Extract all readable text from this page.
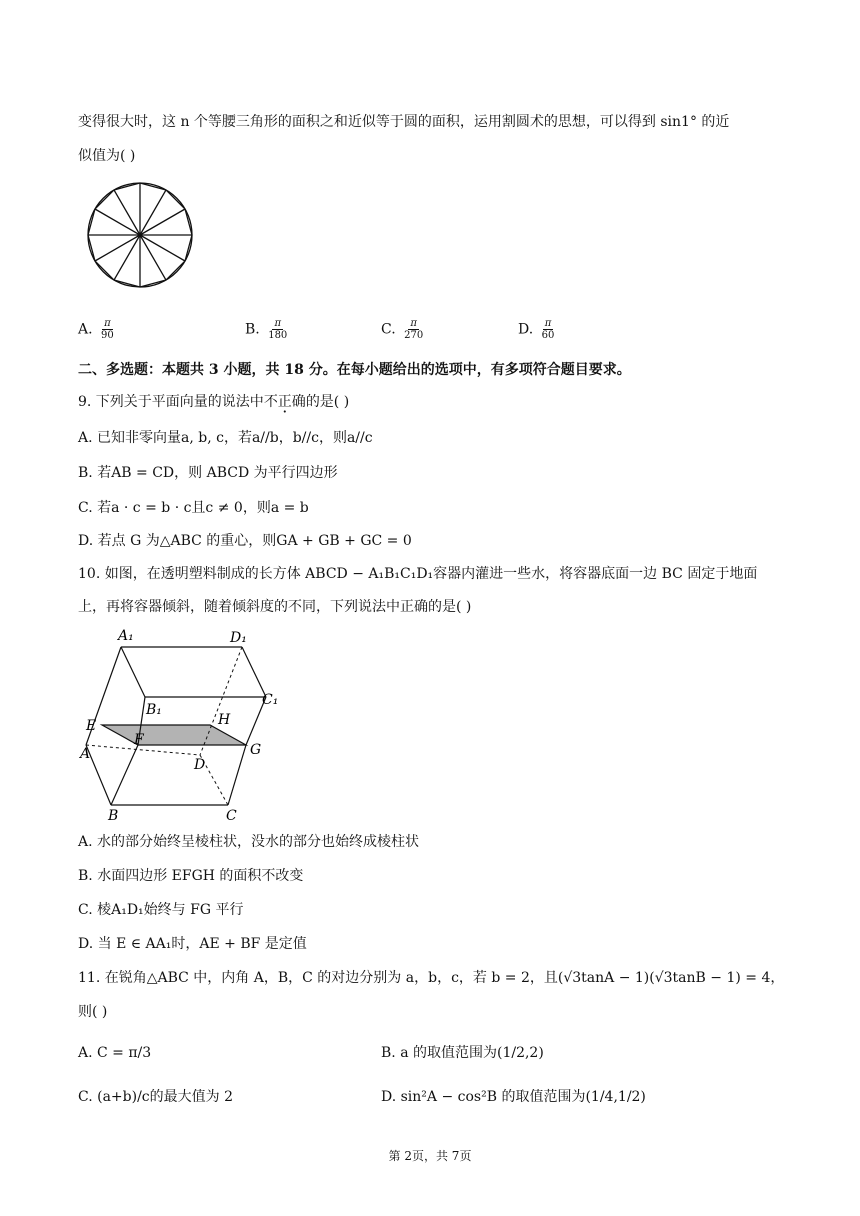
变得很大时，这 n 个等腰三角形的面积之和近似等于圆的面积，运用割圆术的思想，可以得到 sin1° 的近
似值为( )
A. $\frac{\pi}{90}$	B. $\frac{\pi}{180}$	C. $\frac{\pi}{270}$	D. $\frac{\pi}{60}$
二、多选题：本题共 3 小题，共 18 分。在每小题给出的选项中，有多项符合题目要求。
9. 下列关于平面向量的说法中不正确的是( )
A. 已知非零向量a, b, c，若a//b，b//c，则a//c
B. 若AB = CD，则 ABCD 为平行四边形
C. 若a · c = b · c且c ≠ 0，则a = b
D. 若点 G 为△ABC 的重心，则GA + GB + GC = 0
10. 如图，在透明塑料制成的长方体 ABCD − A₁B₁C₁D₁容器内灌进一些水，将容器底面一边 BC 固定于地面
上，再将容器倾斜，随着倾斜度的不同，下列说法中正确的是( )
A₁	D₁
C₁
B₁
E	H
F
G
A
D
B	C
A. 水的部分始终呈棱柱状，没水的部分也始终成棱柱状
B. 水面四边形 EFGH 的面积不改变
C. 棱A₁D₁始终与 FG 平行
D. 当 E ∈ AA₁时，AE + BF 是定值
11. 在锐角△ABC 中，内角 A，B，C 的对边分别为 a，b，c，若 b = 2，且(√3tanA − 1)(√3tanB − 1) = 4，
则( )
A. C = π/3	B. a 的取值范围为(1/2,2)
C. (a+b)/c的最大值为 2	D. sin²A − cos²B 的取值范围为(1/4,1/2)
第 2页，共 7页
